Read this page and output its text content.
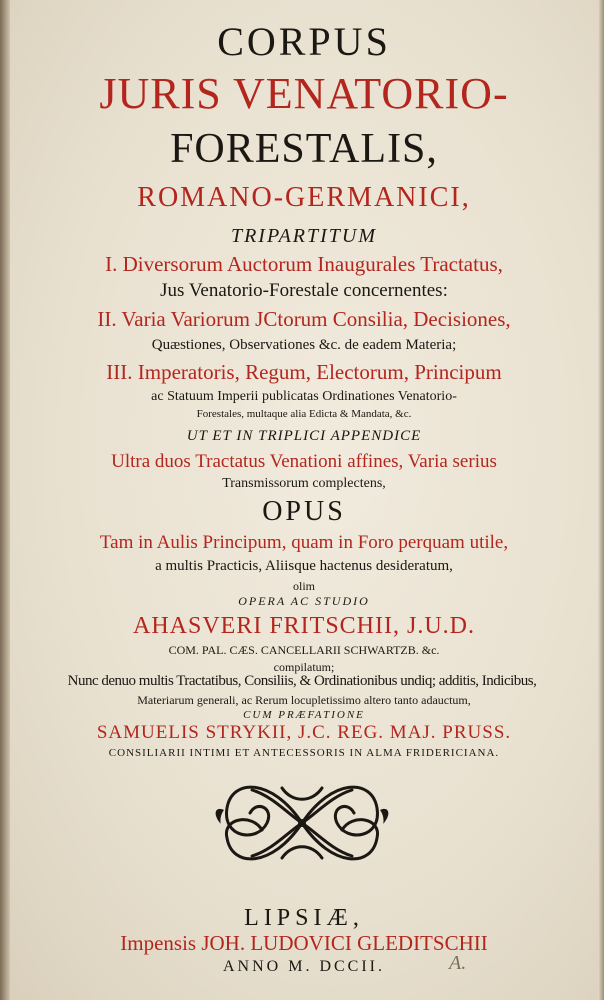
CORPUS
JURIS VENATORIO-
FORESTALIS,
ROMANO-GERMANICI,
TRIPARTITUM
I. Diversorum Auctorum Inaugurales Tractatus,
Jus Venatorio-Forestale concernentes:
II. Varia Variorum JCtorum Consilia, Decisiones,
Quæstiones, Observationes &c. de eadem Materia;
III. Imperatoris, Regum, Electorum, Principum
ac Statuum Imperii publicatas Ordinationes Venatorio-
Forestales, multaque alia Edicta & Mandata, &c.
UT ET IN TRIPLICI APPENDICE
Ultra duos Tractatus Venationi affines, Varia serius
Transmissorum complectens,
OPUS
Tam in Aulis Principum, quam in Foro perquam utile,
a multis Practicis, Aliisque hactenus desideratum,
olim
OPERA AC STUDIO
AHASVERI FRITSCHII, J.U.D.
COM. PAL. CÆS. CANCELLARII SCHWARTZB. &c.
compilatum;
Nunc denuo multis Tractatibus, Consiliis, & Ordinationibus undiq; additis, Indicibus,
Materiarum generali, ac Rerum locupletissimo altero tanto adauctum,
CUM PRÆFATIONE
SAMUELIS STRYKII, J.C. REG. MAJ. PRUSS.
CONSILIARII INTIMI ET ANTECESSORIS IN ALMA FRIDERICIANA.
LIPSIÆ,
Impensis JOH. LUDOVICI GLEDITSCHII
ANNO M. DCCII.	A.
